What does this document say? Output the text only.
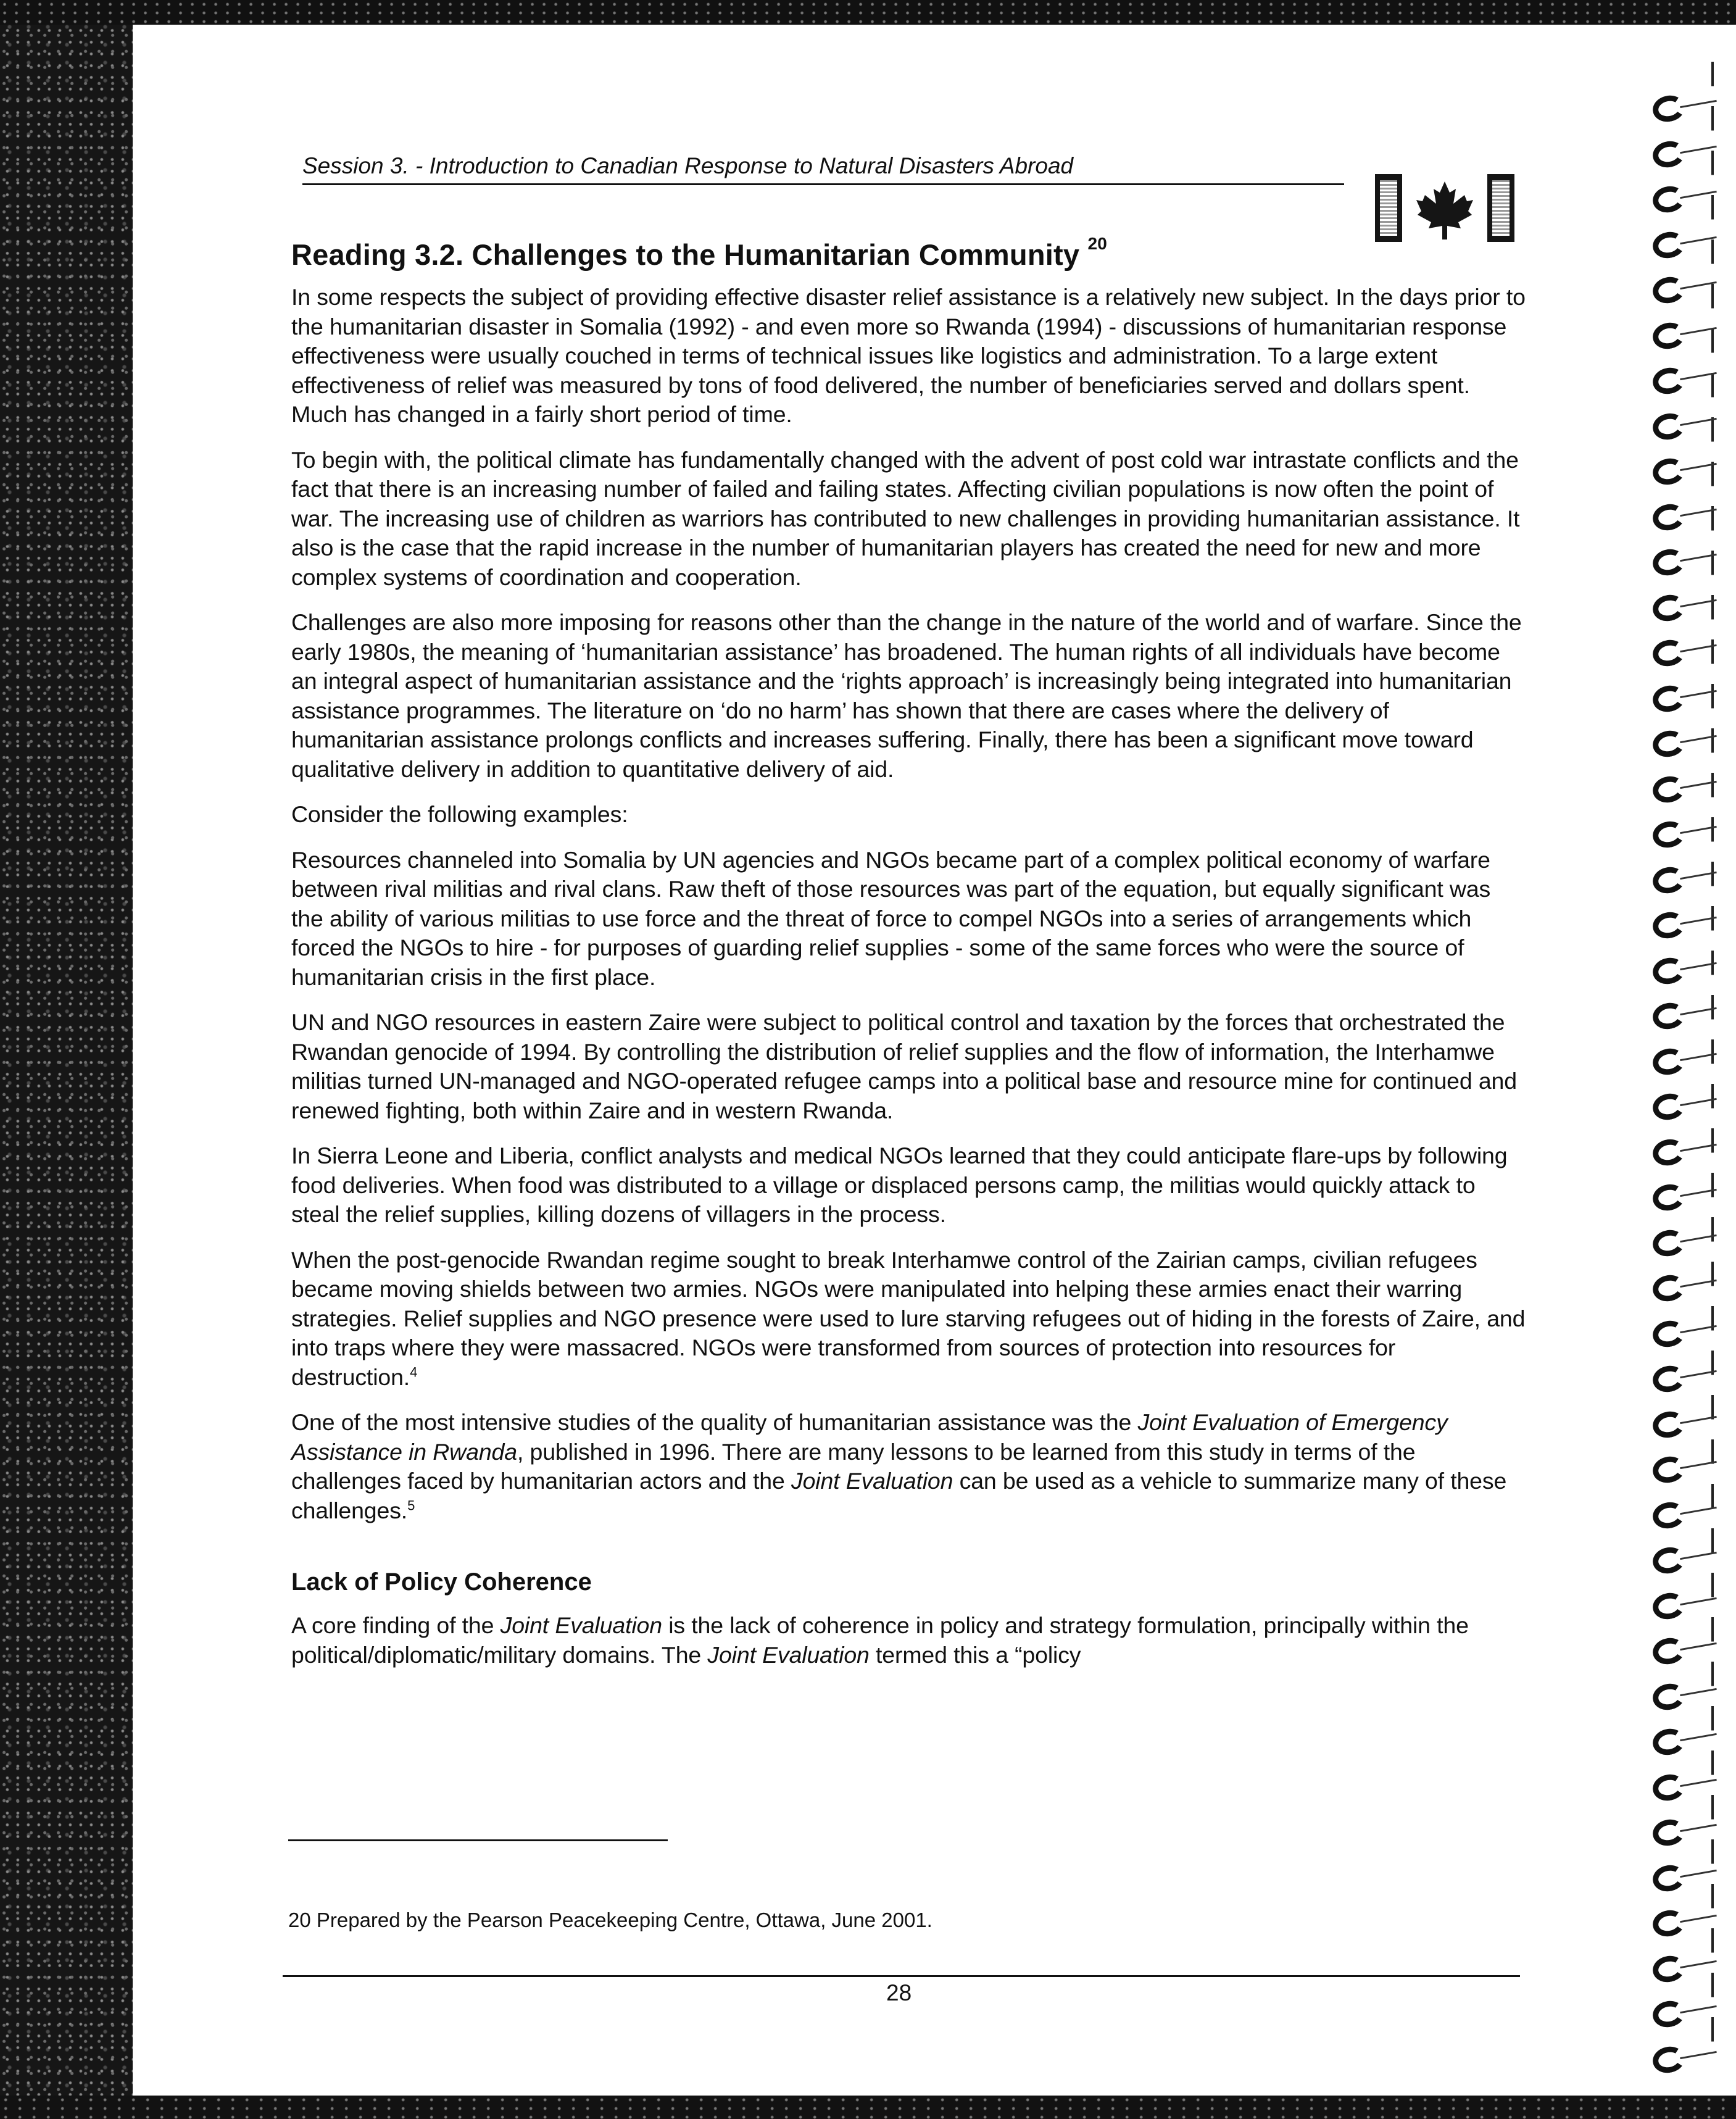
Session 3. - Introduction to Canadian Response to Natural Disasters Abroad
Reading 3.2. Challenges to the Humanitarian Community $^{20}$

In some respects the subject of providing effective disaster relief assistance is a relatively new subject. In the days prior to the humanitarian disaster in Somalia (1992) - and even more so Rwanda (1994) - discussions of humanitarian response effectiveness were usually couched in terms of technical issues like logistics and administration. To a large extent effectiveness of relief was measured by tons of food delivered, the number of beneficiaries served and dollars spent. Much has changed in a fairly short period of time.

To begin with, the political climate has fundamentally changed with the advent of post cold war intrastate conflicts and the fact that there is an increasing number of failed and failing states. Affecting civilian populations is now often the point of war. The increasing use of children as warriors has contributed to new challenges in providing humanitarian assistance. It also is the case that the rapid increase in the number of humanitarian players has created the need for new and more complex systems of coordination and cooperation.

Challenges are also more imposing for reasons other than the change in the nature of the world and of warfare. Since the early 1980s, the meaning of ‘humanitarian assistance’ has broadened. The human rights of all individuals have become an integral aspect of humanitarian assistance and the ‘rights approach’ is increasingly being integrated into humanitarian assistance programmes. The literature on ‘do no harm’ has shown that there are cases where the delivery of humanitarian assistance prolongs conflicts and increases suffering. Finally, there has been a significant move toward qualitative delivery in addition to quantitative delivery of aid.

Consider the following examples:

Resources channeled into Somalia by UN agencies and NGOs became part of a complex political economy of warfare between rival militias and rival clans. Raw theft of those resources was part of the equation, but equally significant was the ability of various militias to use force and the threat of force to compel NGOs into a series of arrangements which forced the NGOs to hire - for purposes of guarding relief supplies - some of the same forces who were the source of humanitarian crisis in the first place.

UN and NGO resources in eastern Zaire were subject to political control and taxation by the forces that orchestrated the Rwandan genocide of 1994. By controlling the distribution of relief supplies and the flow of information, the Interhamwe militias turned UN-managed and NGO-operated refugee camps into a political base and resource mine for continued and renewed fighting, both within Zaire and in western Rwanda.

In Sierra Leone and Liberia, conflict analysts and medical NGOs learned that they could anticipate flare-ups by following food deliveries. When food was distributed to a village or displaced persons camp, the militias would quickly attack to steal the relief supplies, killing dozens of villagers in the process.

When the post-genocide Rwandan regime sought to break Interhamwe control of the Zairian camps, civilian refugees became moving shields between two armies. NGOs were manipulated into helping these armies enact their warring strategies. Relief supplies and NGO presence were used to lure starving refugees out of hiding in the forests of Zaire, and into traps where they were massacred. NGOs were transformed from sources of protection into resources for destruction.$^4$

One of the most intensive studies of the quality of humanitarian assistance was the Joint Evaluation of Emergency Assistance in Rwanda, published in 1996. There are many lessons to be learned from this study in terms of the challenges faced by humanitarian actors and the Joint Evaluation can be used as a vehicle to summarize many of these challenges.$^5$

Lack of Policy Coherence

A core finding of the Joint Evaluation is the lack of coherence in policy and strategy formulation, principally within the political/diplomatic/military domains. The Joint Evaluation termed this a “policy

20 Prepared by the Pearson Peacekeeping Centre, Ottawa, June 2001.
28
